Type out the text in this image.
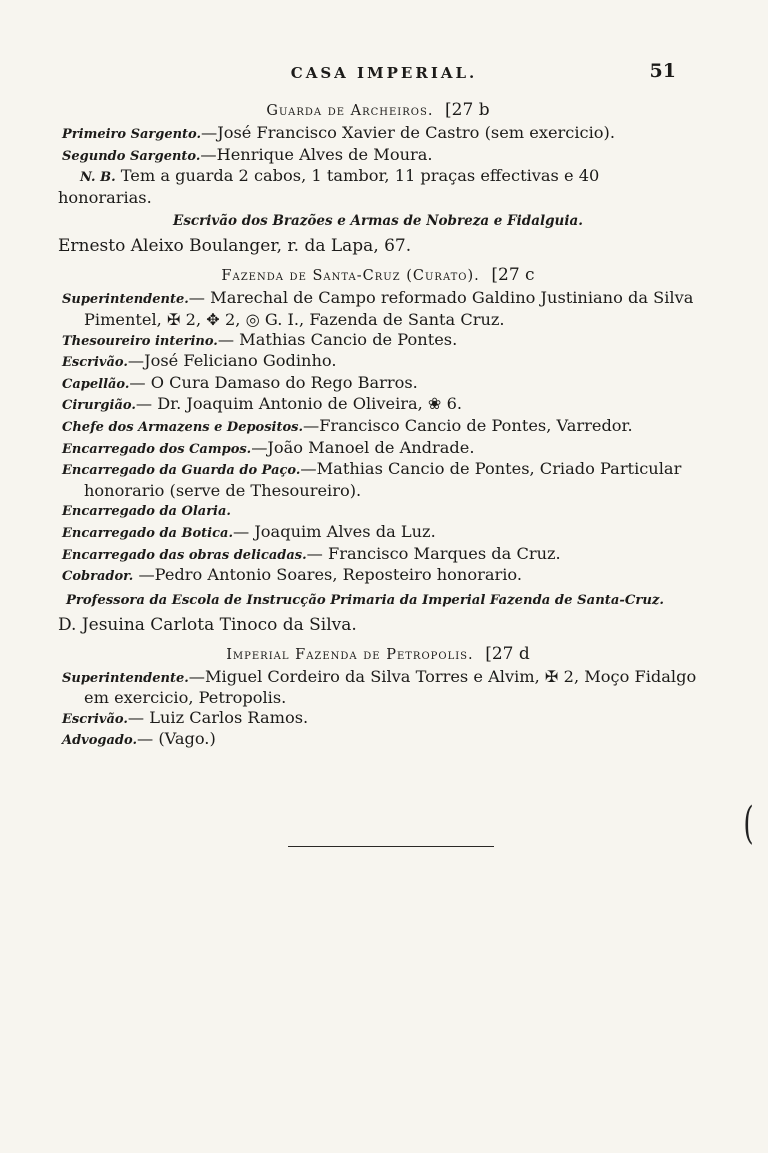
CASA IMPERIAL.	51
Guarda de Archeiros. [27 b
Primeiro Sargento.—José Francisco Xavier de Castro (sem exercicio).
Segundo Sargento.—Henrique Alves de Moura.
N. B. Tem a guarda 2 cabos, 1 tambor, 11 praças effectivas e 40 honorarias.
Escrivão dos Brazões e Armas de Nobreza e Fidalguia.
Ernesto Aleixo Boulanger, r. da Lapa, 67.
Fazenda de Santa-Cruz (Curato). [27 c
Superintendente.— Marechal de Campo reformado Galdino Justiniano da Silva Pimentel, ✠ 2, ✥ 2, ◎ G. I., Fazenda de Santa Cruz.
Thesoureiro interino.— Mathias Cancio de Pontes.
Escrivão.—José Feliciano Godinho.
Capellão.— O Cura Damaso do Rego Barros.
Cirurgião.— Dr. Joaquim Antonio de Oliveira, ❀ 6.
Chefe dos Armazens e Depositos.—Francisco Cancio de Pontes, Varredor.
Encarregado dos Campos.—João Manoel de Andrade.
Encarregado da Guarda do Paço.—Mathias Cancio de Pontes, Criado Particular honorario (serve de Thesoureiro).
Encarregado da Olaria.
Encarregado da Botica.— Joaquim Alves da Luz.
Encarregado das obras delicadas.— Francisco Marques da Cruz.
Cobrador. —Pedro Antonio Soares, Reposteiro honorario.
Professora da Escola de Instrucção Primaria da Imperial Fazenda de Santa-Cruz.
D. Jesuina Carlota Tinoco da Silva.
Imperial Fazenda de Petropolis. [27 d
Superintendente.—Miguel Cordeiro da Silva Torres e Alvim, ✠ 2, Moço Fidalgo em exercicio, Petropolis.
Escrivão.— Luiz Carlos Ramos.
Advogado.— (Vago.)
(
